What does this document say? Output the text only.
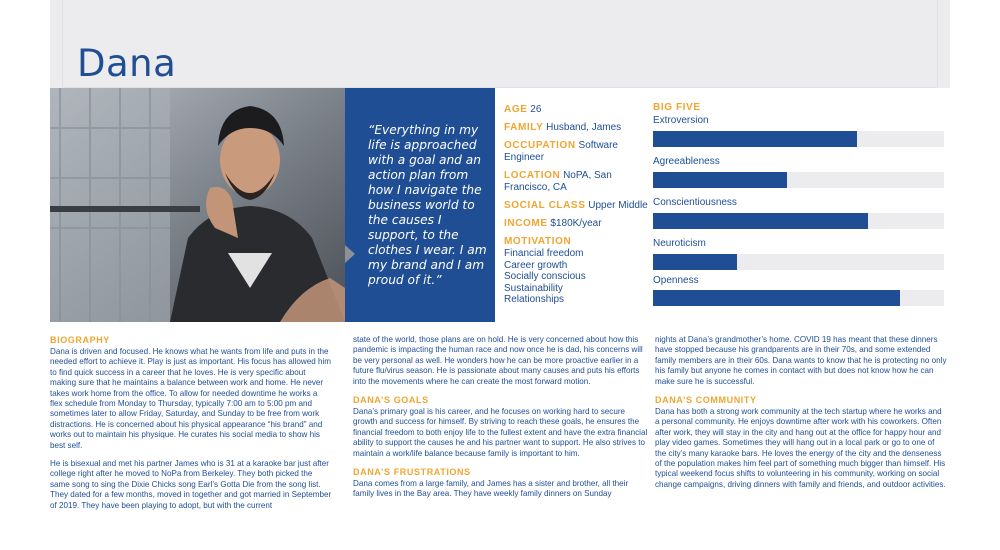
Dana
“Everything in my life is approached with a goal and an action plan from how I navigate the business world to the causes I support, to the clothes I wear. I am my brand and I am proud of it.”
AGE 26
FAMILY Husband, James
OCCUPATION Software Engineer
LOCATION NoPA, San Francisco, CA
SOCIAL CLASS Upper Middle
INCOME $180K/year
MOTIVATION
Financial freedom
Career growth
Socially conscious
Sustainability
Relationships
BIG FIVE
Extroversion
Agreeableness
Conscientiousness
Neuroticism
Openness
BIOGRAPHY

Dana is driven and focused. He knows what he wants from life and puts in the needed effort to achieve it. Play is just as important. His focus has allowed him to find quick success in a career that he loves. He is very specific about making sure that he maintains a balance between work and home. He never takes work home from the office. To allow for needed downtime he works a flex schedule from Monday to Thursday, typically 7:00 am to 5:00 pm and sometimes later to allow Friday, Saturday, and Sunday to be free from work distractions. He is concerned about his physical appearance “his brand” and works out to maintain his physique. He curates his social media to show his best self.

He is bisexual and met his partner James who is 31 at a karaoke bar just after college right after he moved to NoPa from Berkeley. They both picked the same song to sing the Dixie Chicks song Earl’s Gotta Die from the song list. They dated for a few months, moved in together and got married in September of 2019. They have been playing to adopt, but with the current

state of the world, those plans are on hold. He is very concerned about how this pandemic is impacting the human race and now once he is dad, his concerns will be very personal as well. He wonders how he can be more proactive earlier in a future flu/virus season. He is passionate about many causes and puts his efforts into the movements where he can create the most forward motion.

DANA’S GOALS

Dana’s primary goal is his career, and he focuses on working hard to secure growth and success for himself. By striving to reach these goals, he ensures the financial freedom to both enjoy life to the fullest extent and have the extra financial ability to support the causes he and his partner want to support. He also strives to maintain a work/life balance because family is important to him.

DANA’S FRUSTRATIONS

Dana comes from a large family, and James has a sister and brother, all their family lives in the Bay area. They have weekly family dinners on Sunday

nights at Dana’s grandmother’s home. COVID 19 has meant that these dinners have stopped because his grandparents are in their 70s, and some extended family members are in their 60s. Dana wants to know that he is protecting no only his family but anyone he comes in contact with but does not know how he can make sure he is successful.

DANA’S COMMUNITY

Dana has both a strong work community at the tech startup where he works and a personal community. He enjoys downtime after work with his coworkers. Often after work, they will stay in the city and hang out at the office for happy hour and play video games. Sometimes they will hang out in a local park or go to one of the city’s many karaoke bars. He loves the energy of the city and the denseness of the population makes him feel part of something much bigger than himself. His typical weekend focus shifts to volunteering in his community, working on social change campaigns, driving dinners with family and friends, and outdoor activities.
